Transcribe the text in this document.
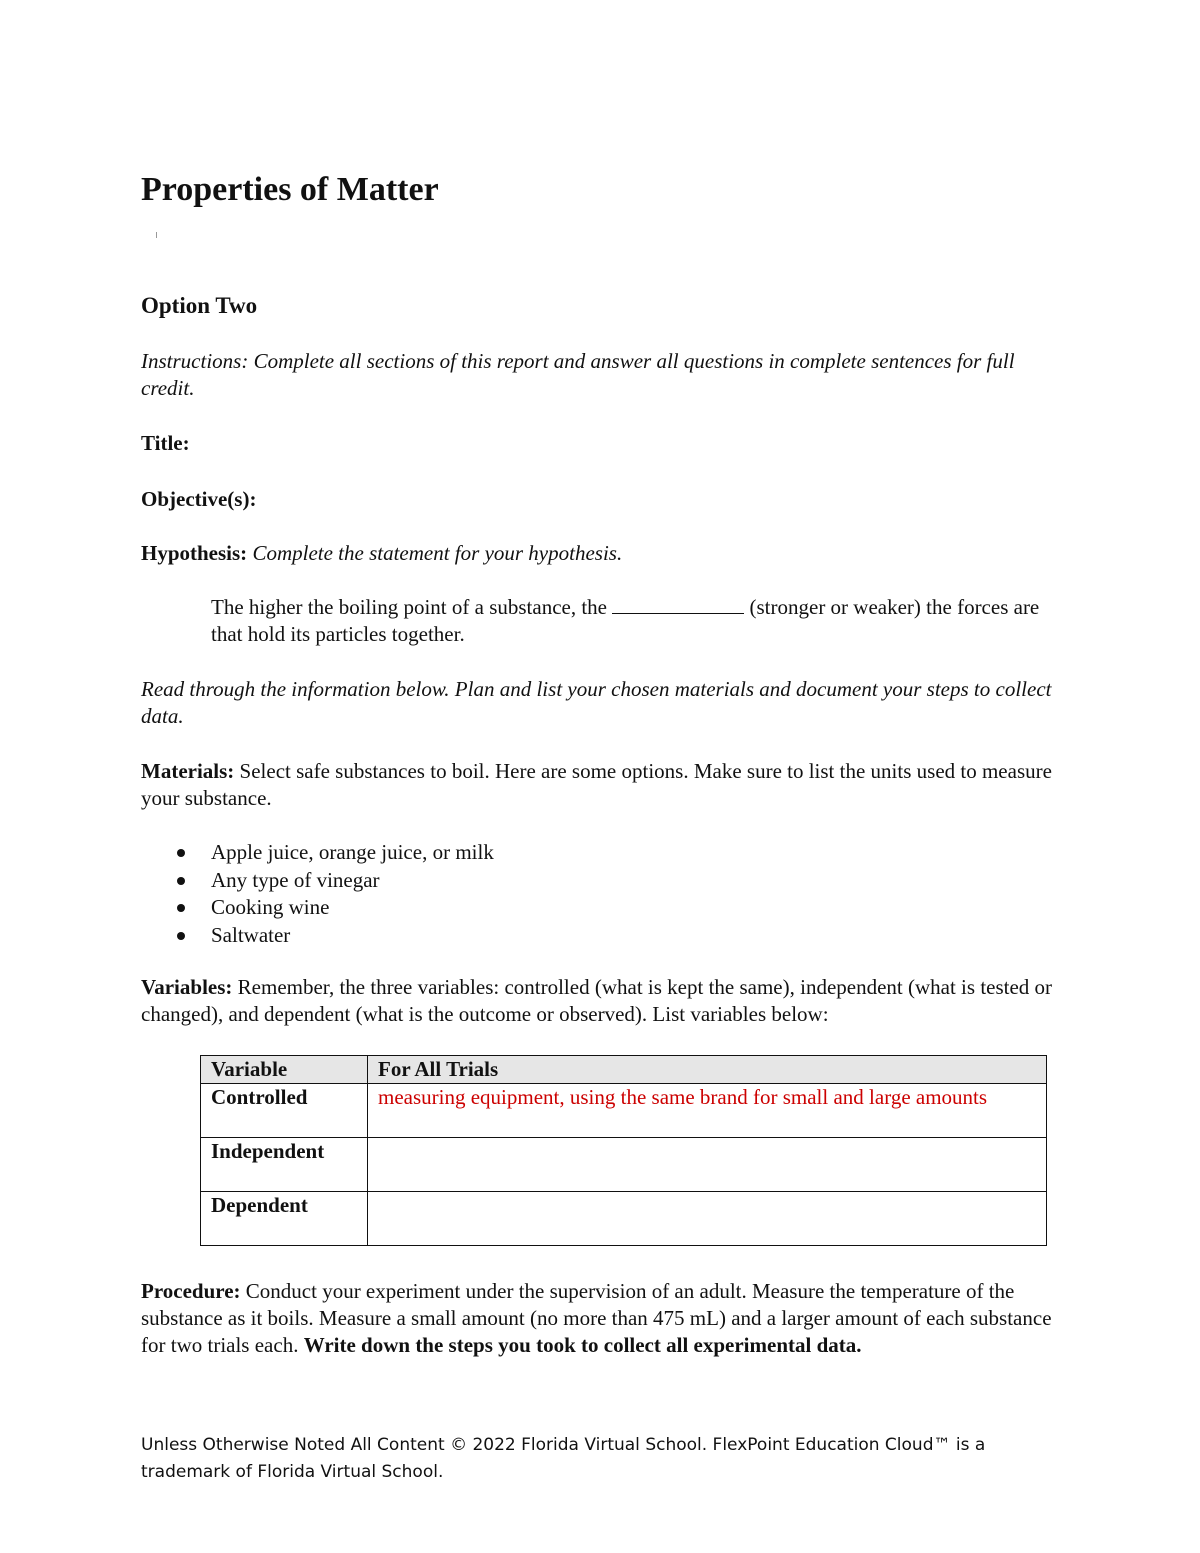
Properties of Matter
Option Two
Instructions: Complete all sections of this report and answer all questions in complete sentences for full credit.
Title:
Objective(s):
Hypothesis: Complete the statement for your hypothesis.
The higher the boiling point of a substance, the	(stronger or weaker) the forces are that hold its particles together.
Read through the information below. Plan and list your chosen materials and document your steps to collect data.
Materials: Select safe substances to boil. Here are some options. Make sure to list the units used to measure your substance.
Apple juice, orange juice, or milk
Any type of vinegar
Cooking wine
Saltwater
Variables: Remember, the three variables: controlled (what is kept the same), independent (what is tested or changed), and dependent (what is the outcome or observed). List variables below:
Variable	For All Trials
Controlled	measuring equipment, using the same brand for small and large amounts
Independent	
Dependent	
Procedure: Conduct your experiment under the supervision of an adult. Measure the temperature of the substance as it boils. Measure a small amount (no more than 475 mL) and a larger amount of each substance for two trials each. Write down the steps you took to collect all experimental data.
Unless Otherwise Noted All Content © 2022 Florida Virtual School. FlexPoint Education Cloud™ is a trademark of Florida Virtual School.
